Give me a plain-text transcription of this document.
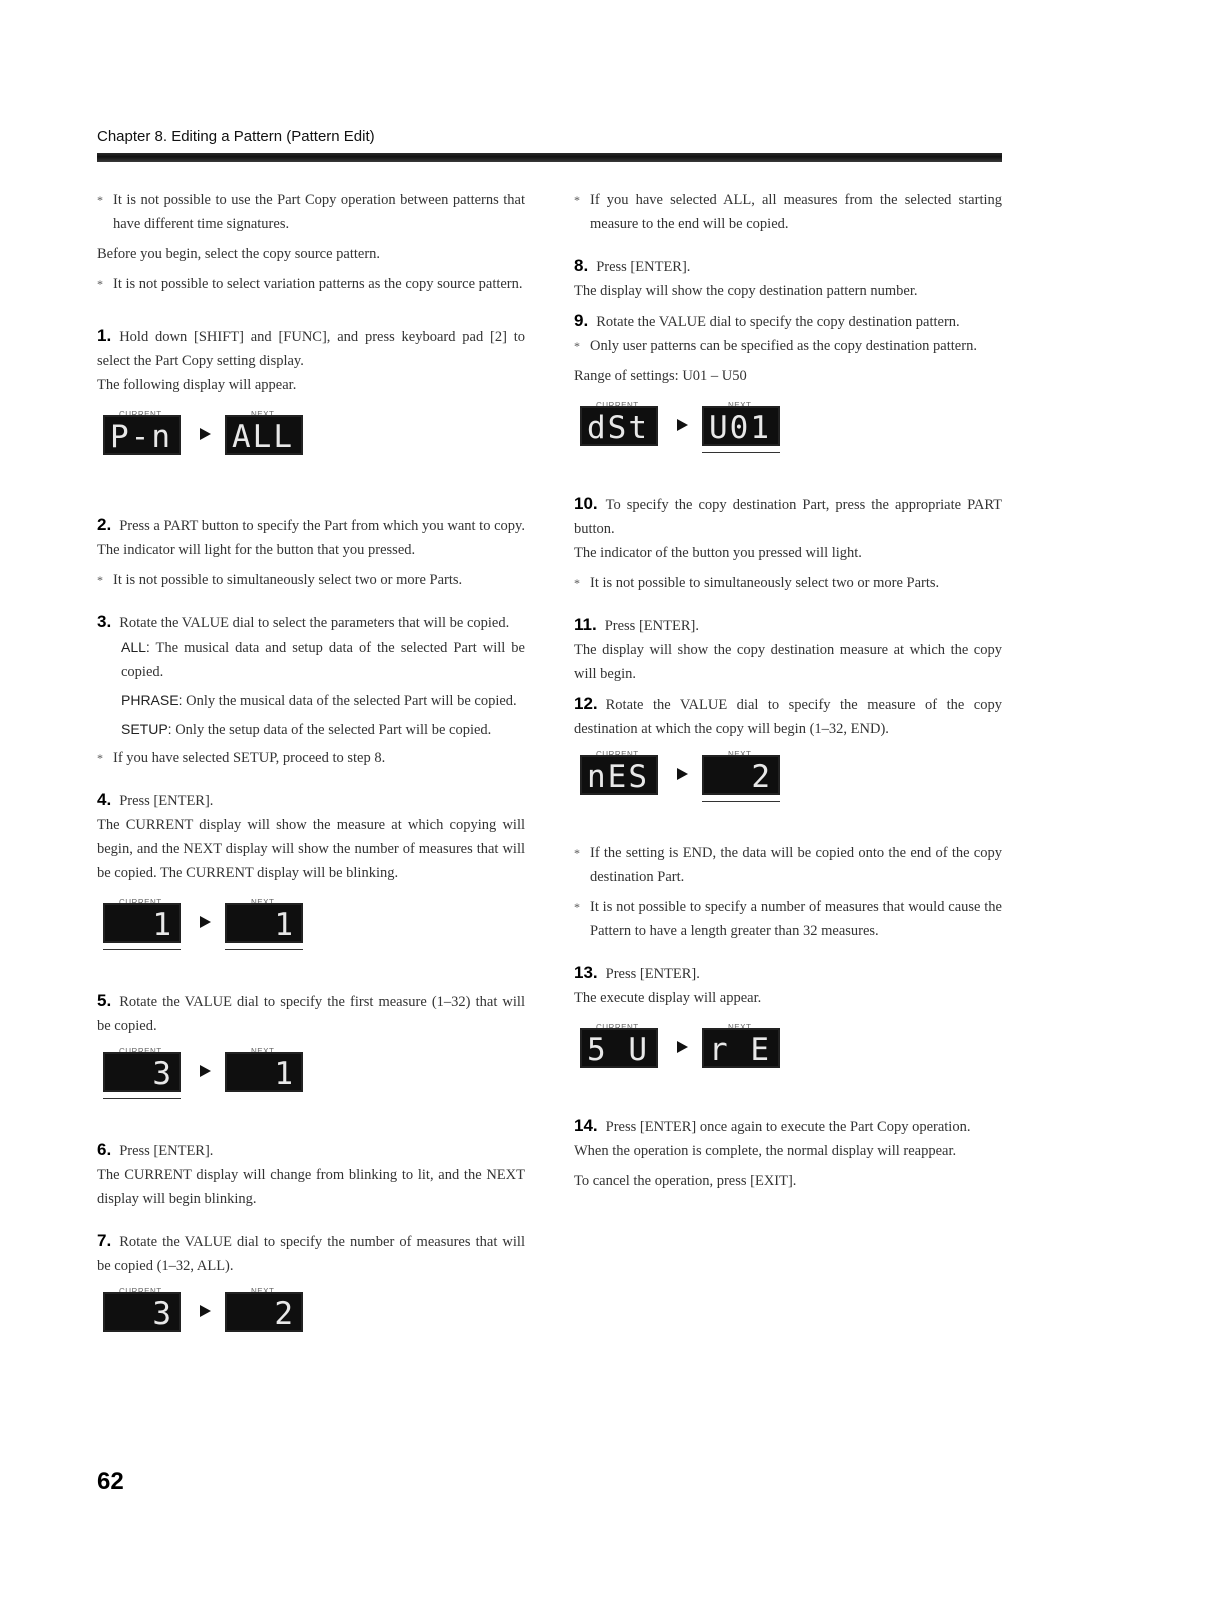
Chapter 8. Editing a Pattern (Pattern Edit)
* It is not possible to use the Part Copy operation between patterns that have different time signatures.
Before you begin, select the copy source pattern.
* It is not possible to select variation patterns as the copy source pattern.
1. Hold down [SHIFT] and [FUNC], and press keyboard pad [2] to select the Part Copy setting display.
The following display will appear.
P-n ALL
2. Press a PART button to specify the Part from which you want to copy.
The indicator will light for the button that you pressed.
* It is not possible to simultaneously select two or more Parts.
3. Rotate the VALUE dial to select the parameters that will be copied.
ALL: The musical data and setup data of the selected Part will be copied.
PHRASE: Only the musical data of the selected Part will be copied.
SETUP: Only the setup data of the selected Part will be copied.
* If you have selected SETUP, proceed to step 8.
4. Press [ENTER].
The CURRENT display will show the measure at which copying will begin, and the NEXT display will show the number of measures that will be copied. The CURRENT display will be blinking.
1	1
5. Rotate the VALUE dial to specify the first measure (1–32) that will be copied.
3	1
6. Press [ENTER].
The CURRENT display will change from blinking to lit, and the NEXT display will begin blinking.
7. Rotate the VALUE dial to specify the number of measures that will be copied (1–32, ALL).
3	2
* If you have selected ALL, all measures from the selected starting measure to the end will be copied.
8. Press [ENTER].
The display will show the copy destination pattern number.
9. Rotate the VALUE dial to specify the copy destination pattern.
* Only user patterns can be specified as the copy destination pattern.
Range of settings: U01 – U50
dSt U01
10. To specify the copy destination Part, press the appropriate PART button.
The indicator of the button you pressed will light.
* It is not possible to simultaneously select two or more Parts.
11. Press [ENTER].
The display will show the copy destination measure at which the copy will begin.
12. Rotate the VALUE dial to specify the measure of the copy destination at which the copy will begin (1–32, END).
nES	2
* If the setting is END, the data will be copied onto the end of the copy destination Part.
* It is not possible to specify a number of measures that would cause the Pattern to have a length greater than 32 measures.
13. Press [ENTER].
The execute display will appear.
5 U r E
14. Press [ENTER] once again to execute the Part Copy operation.
When the operation is complete, the normal display will reappear.
To cancel the operation, press [EXIT].
62
